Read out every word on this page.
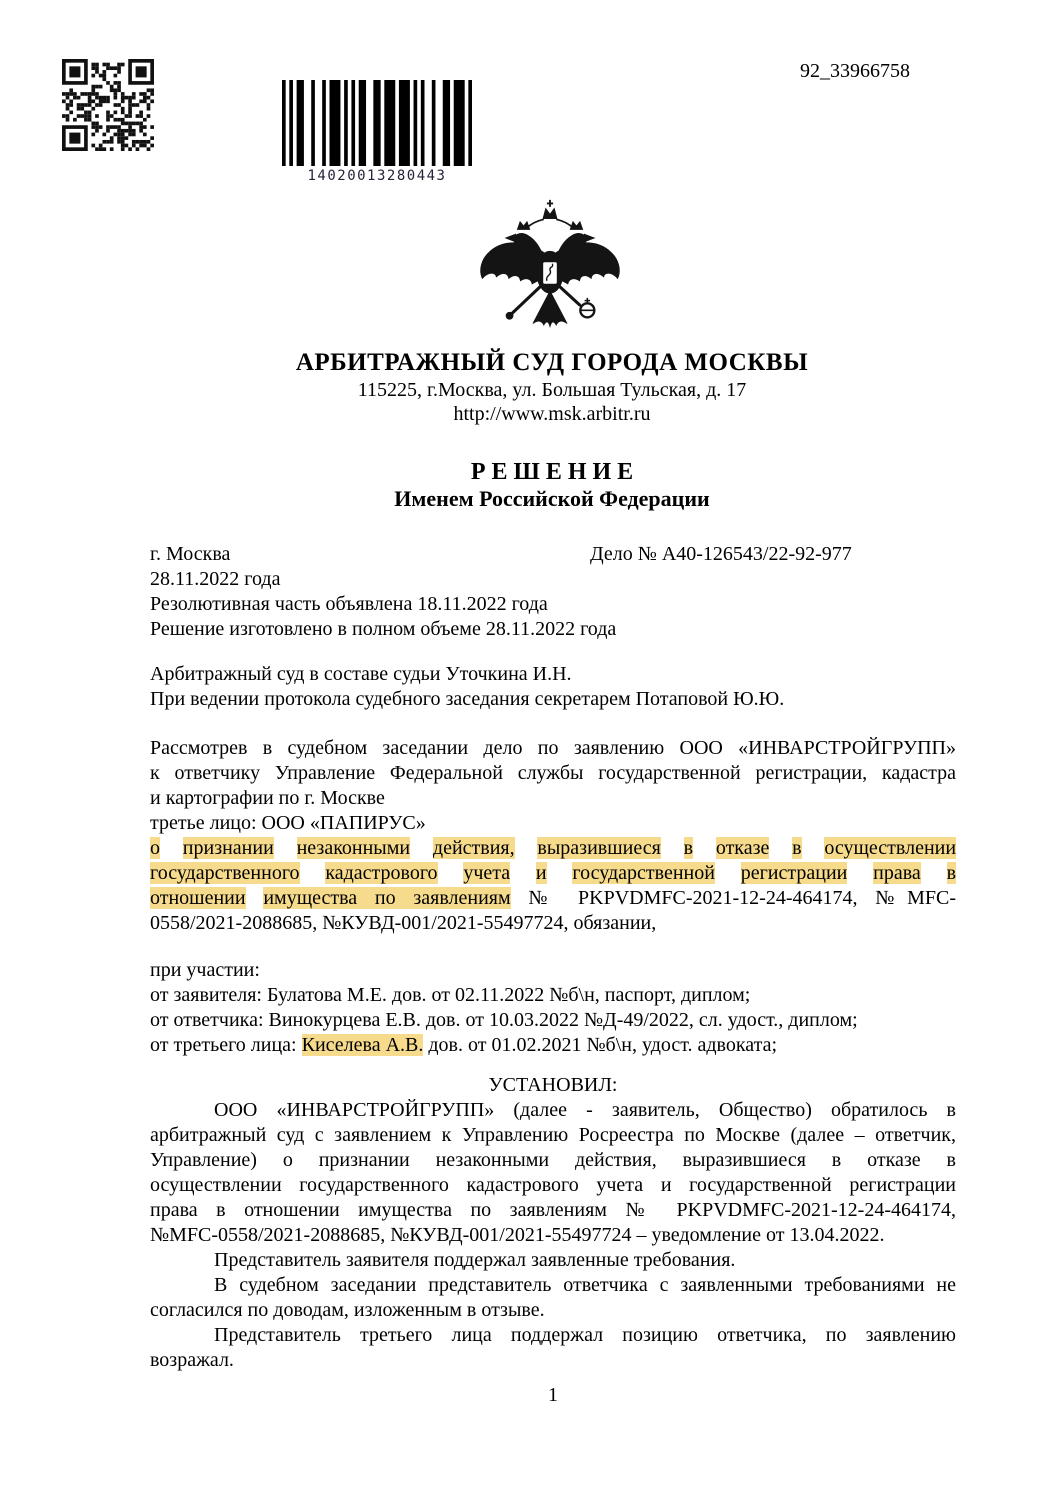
14020013280443
92_33966758
АРБИТРАЖНЫЙ СУД ГОРОДА МОСКВЫ
115225, г.Москва, ул. Большая Тульская, д. 17
http://www.msk.arbitr.ru
Р Е Ш Е Н И Е
Именем Российской Федерации
г. Москва	Дело № А40-126543/22-92-977
28.11.2022 года
Резолютивная часть объявлена 18.11.2022 года
Решение изготовлено в полном объеме 28.11.2022 года
Арбитражный суд в составе судьи Уточкина И.Н.
При ведении протокола судебного заседания секретарем Потаповой Ю.Ю.
Рассмотрев в судебном заседании дело по заявлению ООО «ИНВАРСТРОЙГРУПП»
к ответчику Управление Федеральной службы государственной регистрации, кадастра
и картографии по г. Москве
третье лицо: ООО «ПАПИРУС»
о признании незаконными действия, выразившиеся в отказе в осуществлении
государственного кадастрового учета и государственной регистрации права в
отношении имущества по заявлениям № PKPVDMFC-2021-12-24-464174, №MFC-
0558/2021-2088685, №КУВД-001/2021-55497724, обязании,
при участии:
от заявителя: Булатова М.Е. дов. от 02.11.2022 №б\н, паспорт, диплом;
от ответчика: Винокурцева Е.В. дов. от 10.03.2022 №Д-49/2022, сл. удост., диплом;
от третьего лица: Киселева А.В. дов. от 01.02.2021 №б\н, удост. адвоката;
УСТАНОВИЛ:
ООО «ИНВАРСТРОЙГРУПП» (далее - заявитель, Общество) обратилось в
арбитражный суд с заявлением к Управлению Росреестра по Москве (далее – ответчик,
Управление) о признании незаконными действия, выразившиеся в отказе в
осуществлении государственного кадастрового учета и государственной регистрации
права в отношении имущества по заявлениям № PKPVDMFC-2021-12-24-464174,
№MFC-0558/2021-2088685, №КУВД-001/2021-55497724 – уведомление от 13.04.2022.
Представитель заявителя поддержал заявленные требования.
В судебном заседании представитель ответчика с заявленными требованиями не
согласился по доводам, изложенным в отзыве.
Представитель третьего лица поддержал позицию ответчика, по заявлению
возражал.
1
